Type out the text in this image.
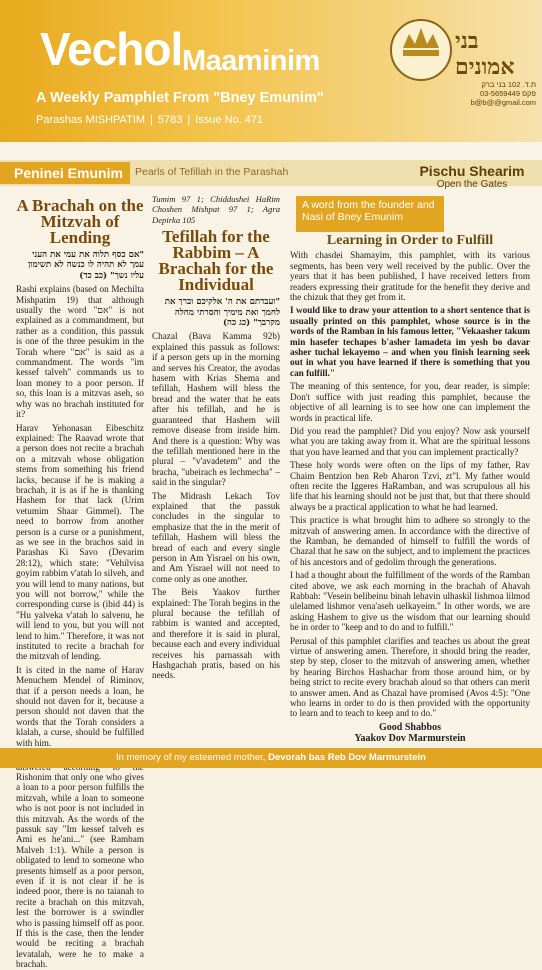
Vechol Maaminim
A Weekly Pamphlet From "Bney Emunim"
Parashas MISHPATIM | 5783 | Issue No. 471
בני אמונים
ת.ד. 102 בני ברק
03-5659449 פקס
b@b@@gmail.com
Peninei Emunim	Pearls of Tefillah in the Parashah	Pischu Shearim
Open the Gates
A Brachah on the Mitzvah of Lending

"אם כסף תלוה את עמי את העני עמך לא תהיה לו כנשה לא תשימון עליו נשך" (כב כד)

Rashi explains (based on Mechilta Mishpatim 19) that although usually the word "אם" is not explained as a commandment, but rather as a condition, this passuk is one of the three pesukim in the Torah where "אם" is said as a commandment. The words "im kessef talveh" commands us to loan money to a poor person. If so, this loan is a mitzvas aseh, so why was no brachah instituted for it?

Harav Yehonasan Eibeschitz explained: The Raavad wrote that a person does not recite a brachah on a mitzvah whose obligation stems from something his friend lacks, because if he is making a brachah, it is as if he is thanking Hashem for that lack (Urim vetumim Shaar Gimmel). The need to borrow from another person is a curse or a punishment, as we see in the brachos said in Parashas Ki Savo (Devarim 28:12), which state: "Vehilvisa goyim rabbim v'atah lo silveh, and you will lend to many nations, but you will not borrow," while the corresponding curse is (ibid 44) is "Hu yalveka v'atah lo salvenu, he will lend to you, but you will not lend to him." Therefore, it was not instituted to recite a brachah for the mitzvah of lending.

It is cited in the name of Harav Menuchem Mendel of Riminov, that if a person needs a loan, he should not daven for it, because a person should not daven that the words that the Torah considers a klalah, a curse, should be fulfilled with him.

Rishonim that only one who gives a loan to a poor person fulfills the mitzvah, while a loan to someone who is not poor is not included in this mitzvah. As the words of the passuk say "Im kessef talveh es Ami es he'ani..." (see Rambam Malveh 1:1). While a person is obligated to lend to someone who presents himself as a poor person, even if it is not clear if he is indeed poor, there is no taianah to recite a brachah on this mitzvah, lest the borrower is a swindler who is passing himself off as poor. If this is the case, then the lender would be reciting a brachah levatalah, were he to make a brachah.

Tumim 97 1; Chiddushei HaRim Choshen Mishpat 97 1; Agra Depirka 105

Tefillah for the Rabbim – A Brachah for the Individual

"ועבדתם את ה' אלקיכם וברך את לחמך ואת מימיך והסרתי מחלה מקרבך" (כג כה)

Chazal (Bava Kamma 92b) explained this passuk as follows: if a person gets up in the morning and serves his Creator, the avodas hasem with Krias Shema and tefillah, Hashem will bless the bread and the water that he eats after his tefillah, and he is guaranteed that Hashem will remove disease from inside him. And there is a question: Why was the tefillah mentioned here in the plural – "v'avadetem" and the bracha, "ubeirach es lechmecha" – said in the singular?

The Midrash Lekach Tov explained that the passuk concludes in the singular to emphasize that the in the merit of tefillah, Hashem will bless the bread of each and every single person in Am Yisrael on his own, and Am Yisrael will not need to come only as one another.

The Beis Yaakov further explained: The Torah begins in the plural because the tefillah of rabbim is wanted and accepted, and therefore it is said in plural, because each and every individual receives his parnassah with Hashgachah pratis, based on his needs.

A word from the founder and Nasi of Bney Emunim
Learning in Order to Fulfill

With chasdei Shamayim, this pamphlet, with its various segments, has been very well received by the public. Over the years that it has been published, I have received letters from readers expressing their gratitude for the benefit they derive and the chizuk that they get from it.

I would like to draw your attention to a short sentence that is usually printed on this pamphlet, whose source is in the words of the Ramban in his famous letter, "Vekaasher takum min hasefer techapes b'asher lamadeta im yesh bo davar asher tuchal lekayemo – and when you finish learning seek out in what you have learned if there is something that you can fulfill."

The meaning of this sentence, for you, dear reader, is simple: Don't suffice with just reading this pamphlet, because the objective of all learning is to see how one can implement the words in practical life.

Did you read the pamphlet? Did you enjoy? Now ask yourself what you are taking away from it. What are the spiritual lessons that you have learned and that you can implement practically?

These holy words were often on the lips of my father, Rav Chaim Bentzion ben Reb Aharon Tzvi, zt"l. My father would often recite the Iggeres HaRamban, and was scrupulous all his life that his learning should not be just that, but that there should always be a practical application to what he had learned.

This practice is what brought him to adhere so strongly to the mitzvah of answering amen. In accordance with the directive of the Ramban, he demanded of himself to fulfill the words of Chazal that he saw on the subject, and to implement the practices of his ancestors and of gedolim through the generations.

I had a thought about the fulfillment of the words of the Ramban cited above, we ask each morning in the brachah of Ahavah Rabbah: "Vesein belibeinu binah lehavin ulhaskil lishmoa lilmod ulelamed lishmor vena'aseh uelkayeim." In other words, we are asking Hashem to give us the wisdom that our learning should be in order to "keep and to do and to fulfill."

Perusal of this pamphlet clarifies and teaches us about the great virtue of answering amen. Therefore, it should bring the reader, step by step, closer to the mitzvah of answering amen, whether by hearing Birchos Hashachar from those around him, or by being strict to recite every brachah aloud so that others can merit to answer amen. And as Chazal have promised (Avos 4:5): "One who learns in order to do is then provided with the opportunity to learn and to teach to keep and to do."

Good Shabbos
Yaakov Dov Marmurstein
In memory of my esteemed mother, Devorah bas Reb Dov Marmurstein
